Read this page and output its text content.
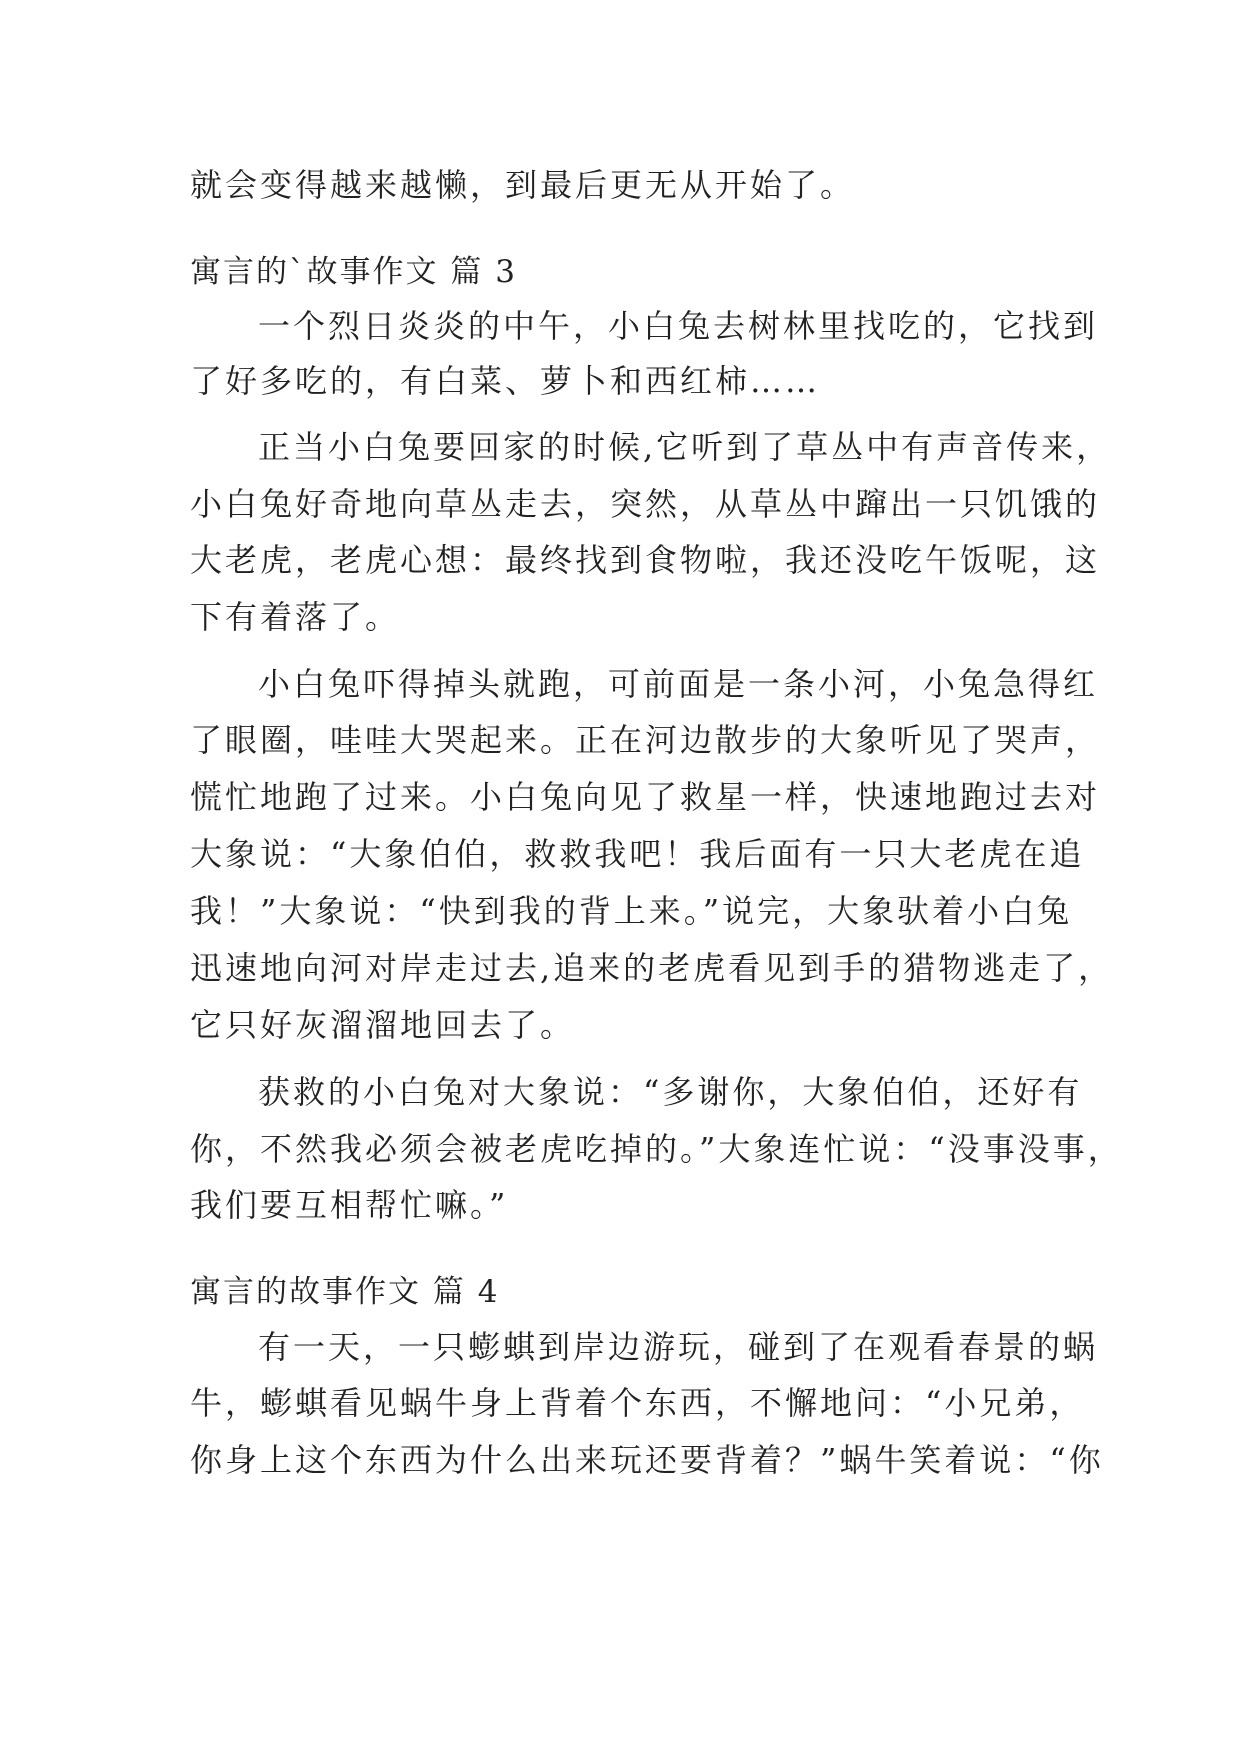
就会变得越来越懒，到最后更无从开始了。
寓言的`故事作文 篇 3
一个烈日炎炎的中午，小白兔去树林里找吃的，它找到
了好多吃的，有白菜、萝卜和西红柿……
正当小白兔要回家的时候,它听到了草丛中有声音传来，
小白兔好奇地向草丛走去，突然，从草丛中蹿出一只饥饿的
大老虎，老虎心想：最终找到食物啦，我还没吃午饭呢，这
下有着落了。
小白兔吓得掉头就跑，可前面是一条小河，小兔急得红
了眼圈，哇哇大哭起来。正在河边散步的大象听见了哭声，
慌忙地跑了过来。小白兔向见了救星一样，快速地跑过去对
大象说：“大象伯伯，救救我吧！我后面有一只大老虎在追
我！”大象说：“快到我的背上来。”说完，大象驮着小白兔
迅速地向河对岸走过去,追来的老虎看见到手的猎物逃走了，
它只好灰溜溜地回去了。
获救的小白兔对大象说：“多谢你，大象伯伯，还好有
你，不然我必须会被老虎吃掉的。”大象连忙说：“没事没事，
我们要互相帮忙嘛。”
寓言的故事作文 篇 4
有一天，一只蟛蜞到岸边游玩，碰到了在观看春景的蜗
牛，蟛蜞看见蜗牛身上背着个东西，不懈地问：“小兄弟，
你身上这个东西为什么出来玩还要背着？”蜗牛笑着说：“你
